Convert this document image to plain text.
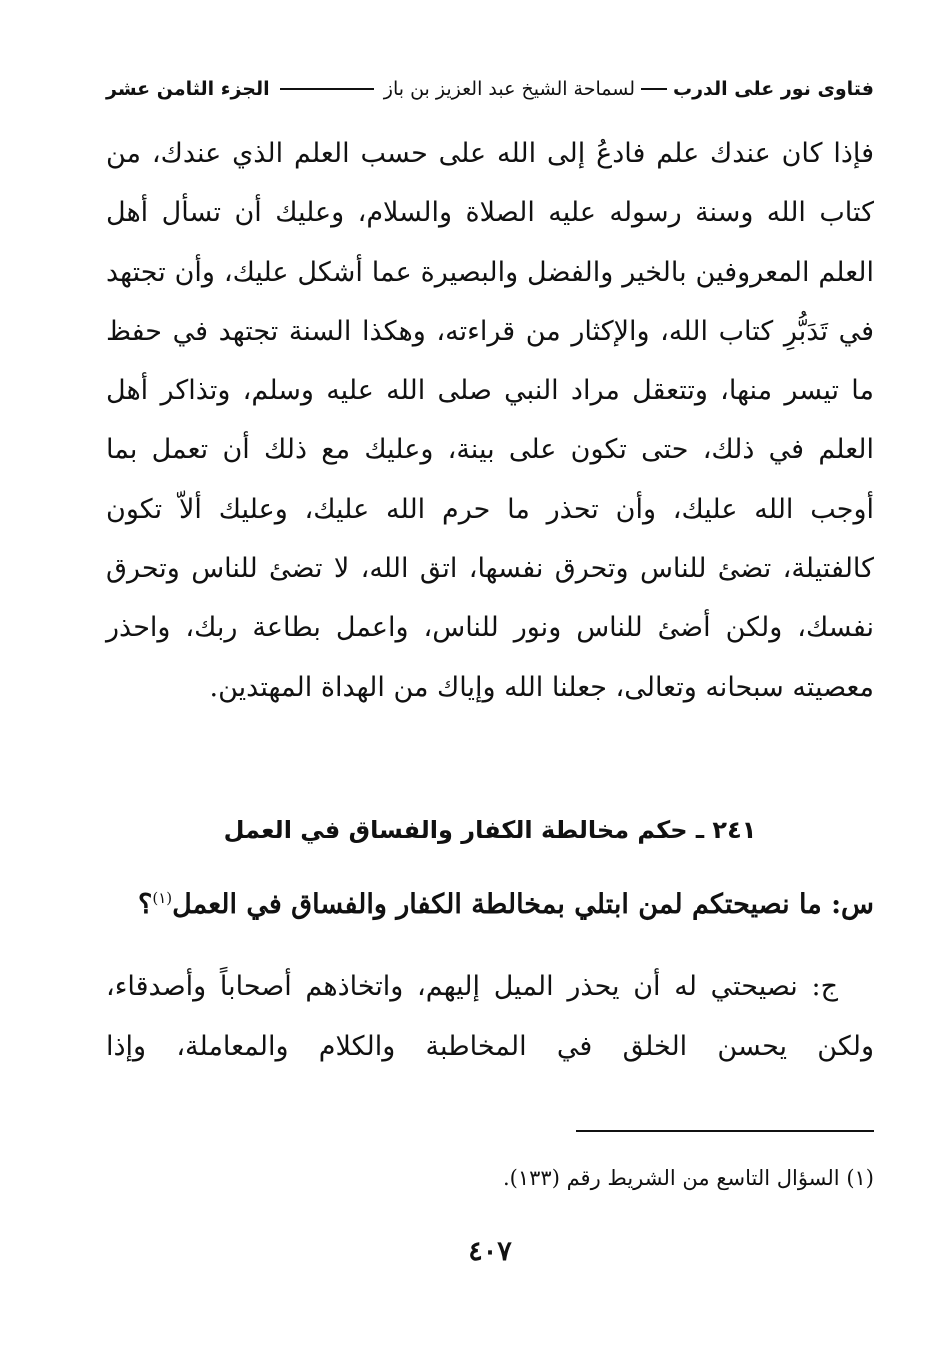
فتاوى نور على الدرب
لسماحة الشيخ عبد العزيز بن باز
الجزء الثامن عشر
فإذا كان عندك علم فادعُ إلى الله على حسب العلم الذي عندك، من كتاب الله وسنة رسوله عليه الصلاة والسلام، وعليك أن تسأل أهل العلم المعروفين بالخير والفضل والبصيرة عما أشكل عليك، وأن تجتهد في تَدَبُّرِ كتاب الله، والإكثار من قراءته، وهكذا السنة تجتهد في حفظ ما تيسر منها، وتتعقل مراد النبي صلى الله عليه وسلم، وتذاكر أهل العلم في ذلك، حتى تكون على بينة، وعليك مع ذلك أن تعمل بما أوجب الله عليك، وأن تحذر ما حرم الله عليك، وعليك ألاّ تكون كالفتيلة، تضئ للناس وتحرق نفسها، اتق الله، لا تضئ للناس وتحرق نفسك، ولكن أضئ للناس ونور للناس، واعمل بطاعة ربك، واحذر معصيته سبحانه وتعالى، جعلنا الله وإياك من الهداة المهتدين.
٢٤١ ـ حكم مخالطة الكفار والفساق في العمل
س: ما نصيحتكم لمن ابتلي بمخالطة الكفار والفساق في العمل$^{(١)}$؟
ج: نصيحتي له أن يحذر الميل إليهم، واتخاذهم أصحاباً وأصدقاء، ولكن يحسن الخلق في المخاطبة والكلام والمعاملة، وإذا
(١) السؤال التاسع من الشريط رقم (١٣٣).
٤٠٧
